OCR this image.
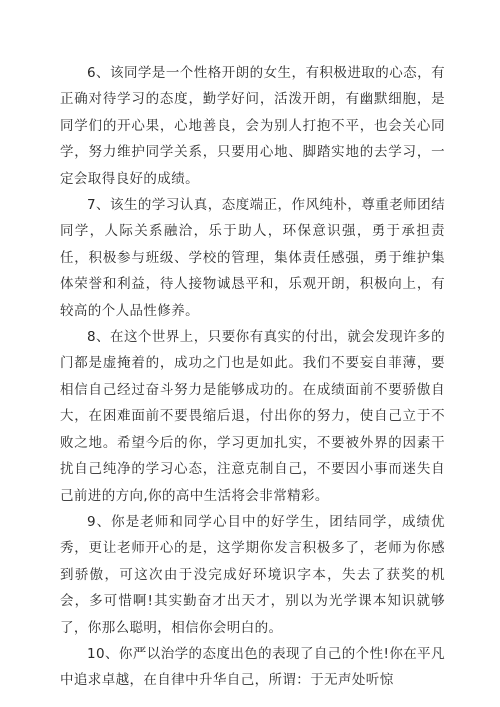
6、该同学是一个性格开朗的女生，有积极进取的心态，有正确对待学习的态度，勤学好问，活泼开朗，有幽默细胞，是同学们的开心果，心地善良，会为别人打抱不平，也会关心同学，努力维护同学关系，只要用心地、脚踏实地的去学习，一定会取得良好的成绩。

7、该生的学习认真，态度端正，作风纯朴，尊重老师团结同学，人际关系融洽，乐于助人，环保意识强，勇于承担责任，积极参与班级、学校的管理，集体责任感强，勇于维护集体荣誉和利益，待人接物诚恳平和，乐观开朗，积极向上，有较高的个人品性修养。

8、在这个世界上，只要你有真实的付出，就会发现许多的门都是虚掩着的，成功之门也是如此。我们不要妄自菲薄，要相信自己经过奋斗努力是能够成功的。在成绩面前不要骄傲自大，在困难面前不要畏缩后退，付出你的努力，使自己立于不败之地。希望今后的你，学习更加扎实，不要被外界的因素干扰自己纯净的学习心态，注意克制自己，不要因小事而迷失自己前进的方向,你的高中生活将会非常精彩。

9、你是老师和同学心目中的好学生，团结同学，成绩优秀，更让老师开心的是，这学期你发言积极多了，老师为你感到骄傲，可这次由于没完成好环境识字本，失去了获奖的机会，多可惜啊!其实勤奋才出天才，别以为光学课本知识就够了，你那么聪明，相信你会明白的。

10、你严以治学的态度出色的表现了自己的个性!你在平凡中追求卓越，在自律中升华自己，所谓：于无声处听惊
